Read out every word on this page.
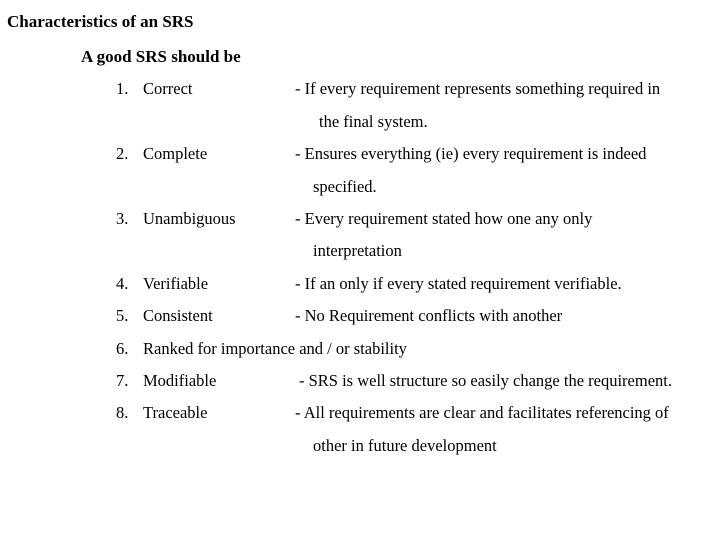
Characteristics of an SRS
A good SRS should be
1. Correct	- If every requirement represents something required in
the final system.
2. Complete	- Ensures everything (ie) every requirement is indeed
specified.
3. Unambiguous	- Every requirement stated how one any only
interpretation
4. Verifiable	- If an only if every stated requirement verifiable.
5. Consistent	- No Requirement conflicts with another
6. Ranked for importance and / or stability
7. Modifiable	- SRS is well structure so easily change the requirement.
8. Traceable	- All requirements are clear and facilitates referencing of
other in future development
